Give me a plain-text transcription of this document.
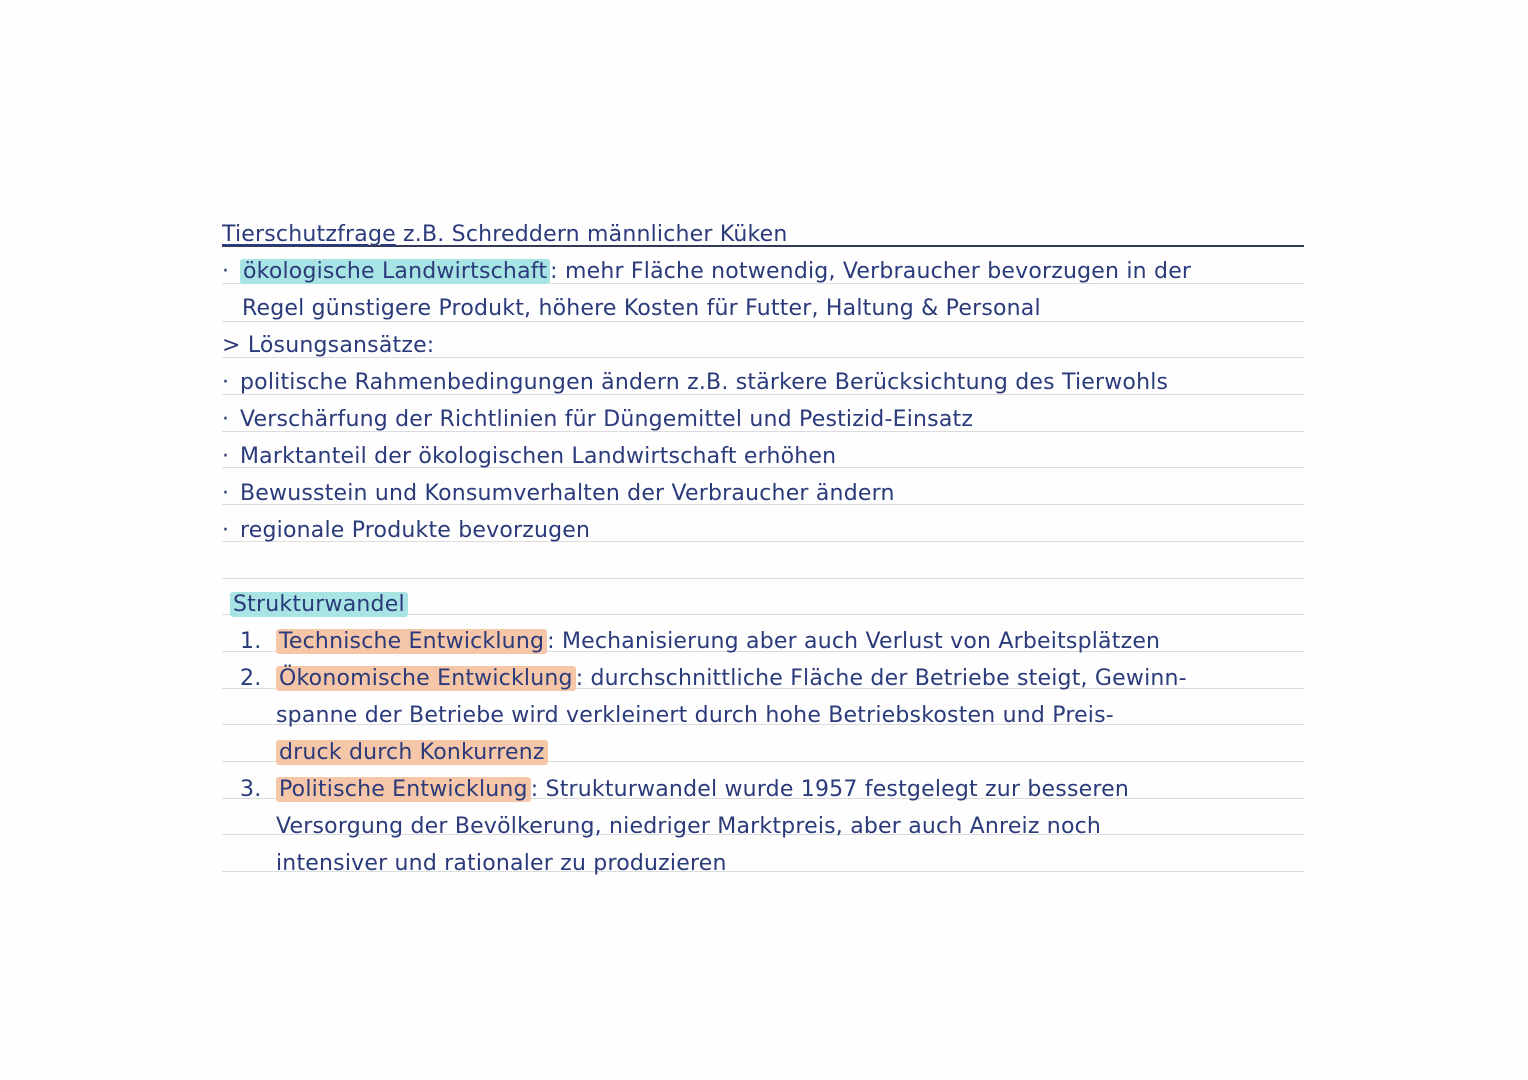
Tierschutzfrage z.B. Schreddern männlicher Küken
· ökologische Landwirtschaft : mehr Fläche notwendig, Verbraucher bevorzugen in der
Regel günstigere Produkt, höhere Kosten für Futter, Haltung & Personal
> Lösungsansätze:
· politische Rahmenbedingungen ändern z.B. stärkere Berücksichtung des Tierwohls
· Verschärfung der Richtlinien für Düngemittel und Pestizid-Einsatz
· Marktanteil der ökologischen Landwirtschaft erhöhen
· Bewusstein und Konsumverhalten der Verbraucher ändern
· regionale Produkte bevorzugen
Strukturwandel
1. Technische Entwicklung : Mechanisierung aber auch Verlust von Arbeitsplätzen
2. Ökonomische Entwicklung : durchschnittliche Fläche der Betriebe steigt, Gewinn-
spanne der Betriebe wird verkleinert durch hohe Betriebskosten und Preis-
druck durch Konkurrenz
3. Politische Entwicklung : Strukturwandel wurde 1957 festgelegt zur besseren
Versorgung der Bevölkerung, niedriger Marktpreis, aber auch Anreiz noch
intensiver und rationaler zu produzieren
